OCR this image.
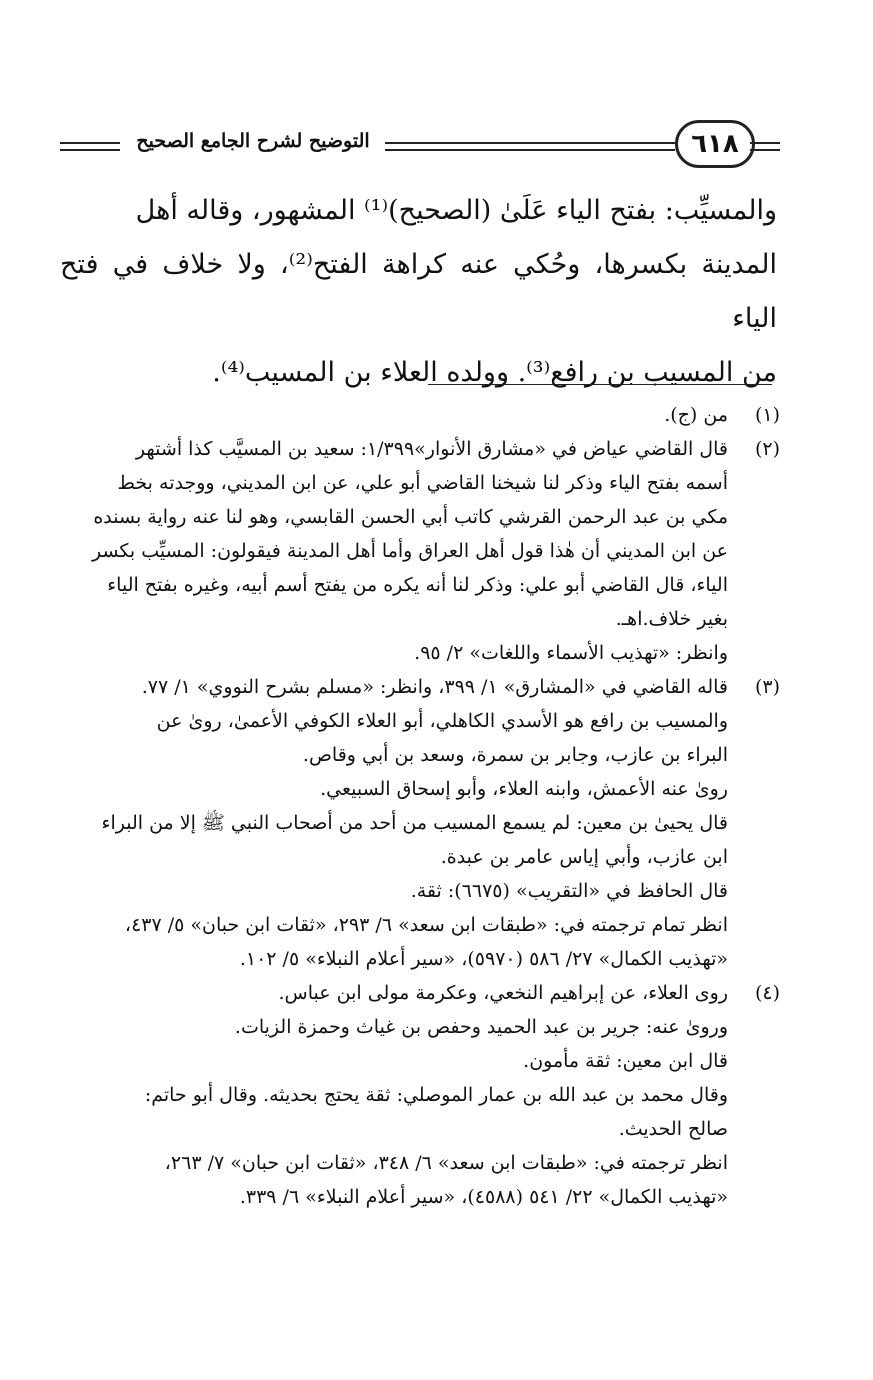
التوضيح لشرح الجامع الصحيح	٦١٨

والمسيِّب: بفتح الياء عَلَىٰ (الصحيح)⁽¹⁾ المشهور، وقاله أهل

المدينة بكسرها، وحُكي عنه كراهة الفتح⁽²⁾، ولا خلاف في فتح الياء

من المسيب بن رافع⁽³⁾. وولده العلاء بن المسيب⁽⁴⁾.

(١)
من (ج).
(٢)
قال القاضي عياض في «مشارق الأنوار»١/٣٩٩: سعيد بن المسيَّب كذا أشتهر
أسمه بفتح الياء وذكر لنا شيخنا القاضي أبو علي، عن ابن المديني، ووجدته بخط
مكي بن عبد الرحمن القرشي كاتب أبي الحسن القابسي، وهو لنا عنه رواية بسنده
عن ابن المديني أن هٰذا قول أهل العراق وأما أهل المدينة فيقولون: المسيِّب بكسر
الياء، قال القاضي أبو علي: وذكر لنا أنه يكره من يفتح أسم أبيه، وغيره بفتح الياء
بغير خلاف.اهـ.
وانظر: «تهذيب الأسماء واللغات» ٢/ ٩٥.
(٣)
قاله القاضي في «المشارق» ١/ ٣٩٩، وانظر: «مسلم بشرح النووي» ١/ ٧٧.
والمسيب بن رافع هو الأسدي الكاهلي، أبو العلاء الكوفي الأعمىٰ، روىٰ عن
البراء بن عازب، وجابر بن سمرة، وسعد بن أبي وقاص.
روىٰ عنه الأعمش، وابنه العلاء، وأبو إسحاق السبيعي.
قال يحيىٰ بن معين: لم يسمع المسيب من أحد من أصحاب النبي ﷺ إلا من البراء
ابن عازب، وأبي إياس عامر بن عبدة.
قال الحافظ في «التقريب» (٦٦٧٥): ثقة.
انظر تمام ترجمته في: «طبقات ابن سعد» ٦/ ٢٩٣، «ثقات ابن حبان» ٥/ ٤٣٧،
«تهذيب الكمال» ٢٧/ ٥٨٦ (٥٩٧٠)، «سير أعلام النبلاء» ٥/ ١٠٢.
(٤)
روى العلاء، عن إبراهيم النخعي، وعكرمة مولى ابن عباس.
وروىٰ عنه: جرير بن عبد الحميد وحفص بن غياث وحمزة الزيات.
قال ابن معين: ثقة مأمون.
وقال محمد بن عبد الله بن عمار الموصلي: ثقة يحتج بحديثه. وقال أبو حاتم:
صالح الحديث.
انظر ترجمته في: «طبقات ابن سعد» ٦/ ٣٤٨، «ثقات ابن حبان» ٧/ ٢٦٣،
«تهذيب الكمال» ٢٢/ ٥٤١ (٤٥٨٨)، «سير أعلام النبلاء» ٦/ ٣٣٩.
